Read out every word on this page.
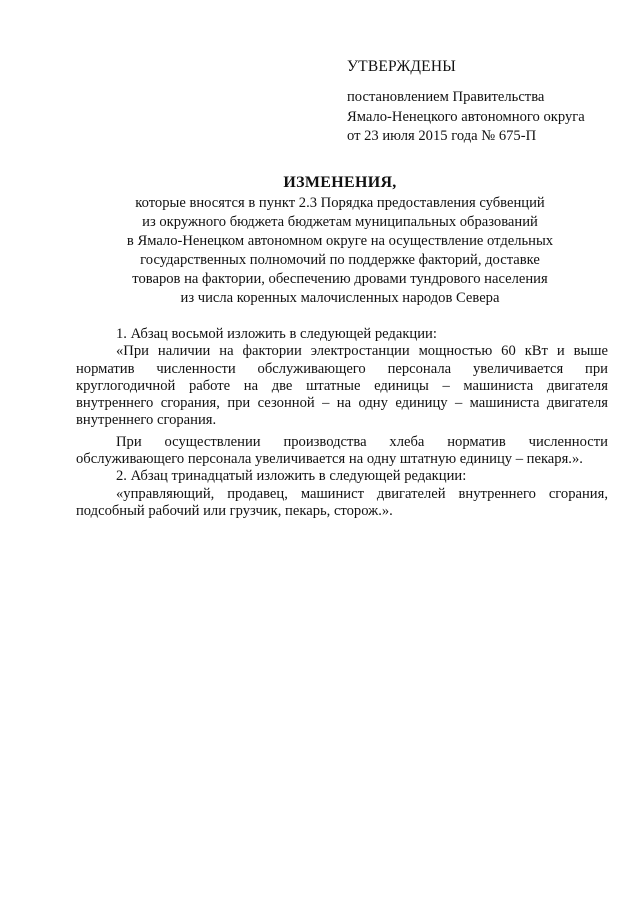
УТВЕРЖДЕНЫ
постановлением Правительства
Ямало-Ненецкого автономного округа
от 23 июля 2015 года № 675-П
ИЗМЕНЕНИЯ,
которые вносятся в пункт 2.3 Порядка предоставления субвенций
из окружного бюджета бюджетам муниципальных образований
в Ямало-Ненецком автономном округе на осуществление отдельных
государственных полномочий по поддержке факторий, доставке
товаров на фактории, обеспечению дровами тундрового населения
из числа коренных малочисленных народов Севера
1. Абзац восьмой изложить в следующей редакции:
«При наличии на фактории электростанции мощностью 60 кВт и выше
норматив численности обслуживающего персонала увеличивается при
круглогодичной работе на две штатные единицы – машиниста двигателя
внутреннего сгорания, при сезонной – на одну единицу – машиниста двигателя
внутреннего сгорания.
При осуществлении производства хлеба норматив численности
обслуживающего персонала увеличивается на одну штатную единицу – пекаря.».
2. Абзац тринадцатый изложить в следующей редакции:
«управляющий, продавец, машинист двигателей внутреннего сгорания,
подсобный рабочий или грузчик, пекарь, сторож.».
